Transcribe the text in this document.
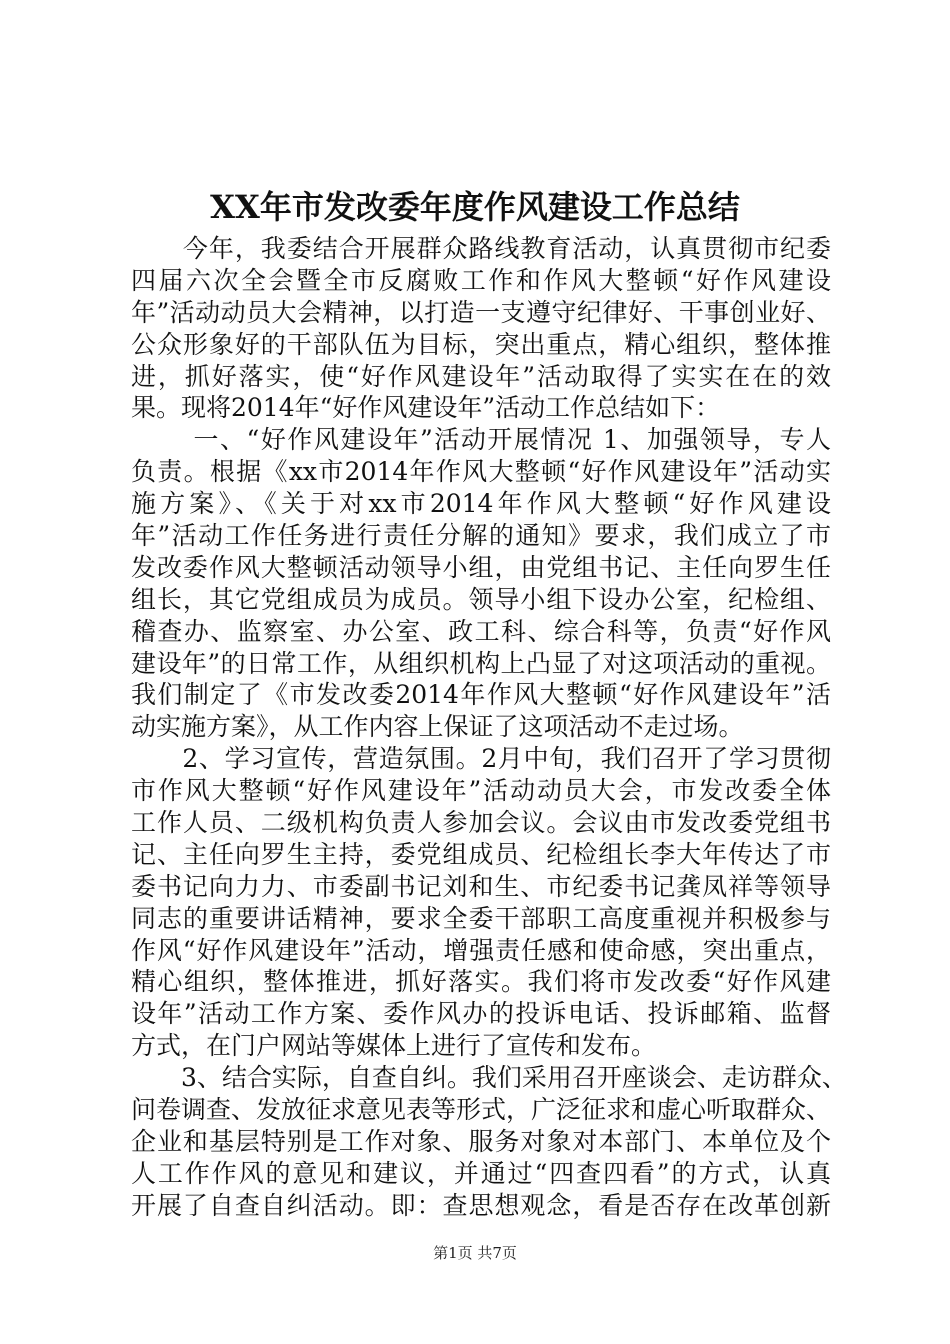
XX年市发改委年度作风建设工作总结
　　今年，我委结合开展群众路线教育活动，认真贯彻市纪委
四届六次全会暨全市反腐败工作和作风大整顿“好作风建设
年”活动动员大会精神，以打造一支遵守纪律好、干事创业好、
公众形象好的干部队伍为目标，突出重点，精心组织，整体推
进，抓好落实，使“好作风建设年”活动取得了实实在在的效
果。现将2014年“好作风建设年”活动工作总结如下：
　　 一、“好作风建设年”活动开展情况 1、加强领导，专人
负责。根据《xx市2014年作风大整顿“好作风建设年”活动实
施方案》、《关于对xx市2014年作风大整顿“好作风建设
年”活动工作任务进行责任分解的通知》要求，我们成立了市
发改委作风大整顿活动领导小组，由党组书记、主任向罗生任
组长，其它党组成员为成员。领导小组下设办公室，纪检组、
稽查办、监察室、办公室、政工科、综合科等，负责“好作风
建设年”的日常工作，从组织机构上凸显了对这项活动的重视。
我们制定了《市发改委2014年作风大整顿“好作风建设年”活
动实施方案》，从工作内容上保证了这项活动不走过场。
　　2、学习宣传，营造氛围。2月中旬，我们召开了学习贯彻
市作风大整顿“好作风建设年”活动动员大会，市发改委全体
工作人员、二级机构负责人参加会议。会议由市发改委党组书
记、主任向罗生主持，委党组成员、纪检组长李大年传达了市
委书记向力力、市委副书记刘和生、市纪委书记龚凤祥等领导
同志的重要讲话精神，要求全委干部职工高度重视并积极参与
作风“好作风建设年”活动，增强责任感和使命感，突出重点，
精心组织，整体推进，抓好落实。我们将市发改委“好作风建
设年”活动工作方案、委作风办的投诉电话、投诉邮箱、监督
方式，在门户网站等媒体上进行了宣传和发布。
　　3、结合实际，自查自纠。我们采用召开座谈会、走访群众、
问卷调查、发放征求意见表等形式，广泛征求和虚心听取群众、
企业和基层特别是工作对象、服务对象对本部门、本单位及个
人工作作风的意见和建议，并通过“四查四看”的方式，认真
开展了自查自纠活动。即：查思想观念，看是否存在改革创新
第1页 共7页
